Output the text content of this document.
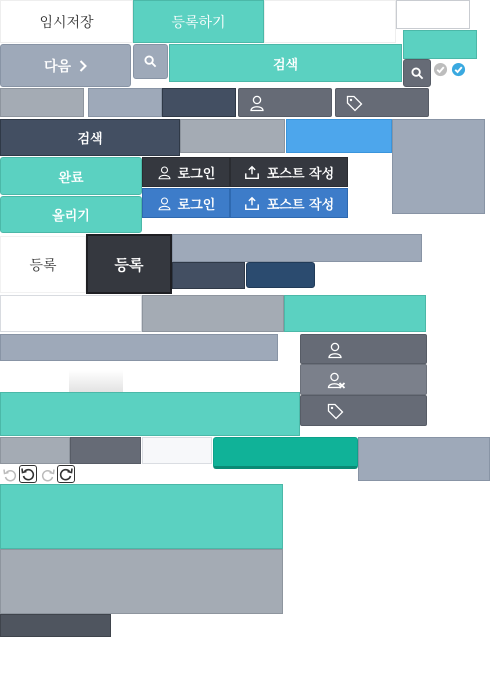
임시저장	등록하기
다음	검색
검색
완료	로그인	포스트 작성
올리기
로그인	포스트 작성
등록	등록
